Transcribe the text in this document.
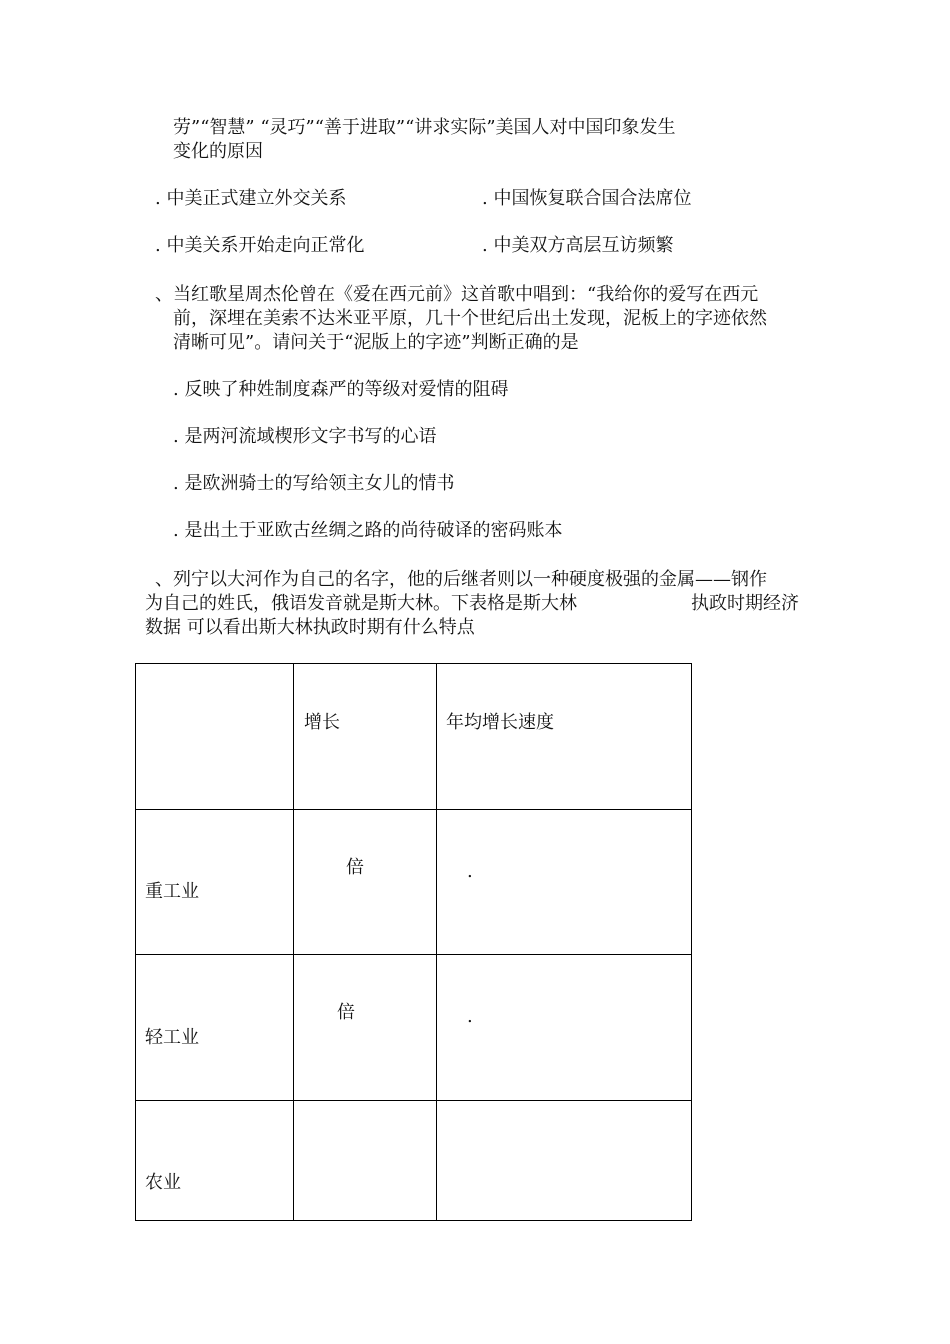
劳”“智慧” “灵巧”“善于进取”“讲求实际”美国人对中国印象发生
变化的原因
. 中美正式建立外交关系	. 中国恢复联合国合法席位
. 中美关系开始走向正常化	. 中美双方高层互访频繁
、当红歌星周杰伦曾在《爱在西元前》这首歌中唱到：“我给你的爱写在西元
前，深埋在美索不达米亚平原，几十个世纪后出土发现，泥板上的字迹依然
清晰可见”。请问关于“泥版上的字迹”判断正确的是
. 反映了种姓制度森严的等级对爱情的阻碍
. 是两河流域楔形文字书写的心语
. 是欧洲骑士的写给领主女儿的情书
. 是出土于亚欧古丝绸之路的尚待破译的密码账本
、列宁以大河作为自己的名字，他的后继者则以一种硬度极强的金属——钢作
为自己的姓氏，俄语发音就是斯大林。下表格是斯大林	执政时期经济
数据 可以看出斯大林执政时期有什么特点

	增长	年均增长速度

重工业	倍	.

轻工业	倍	.

农业		
